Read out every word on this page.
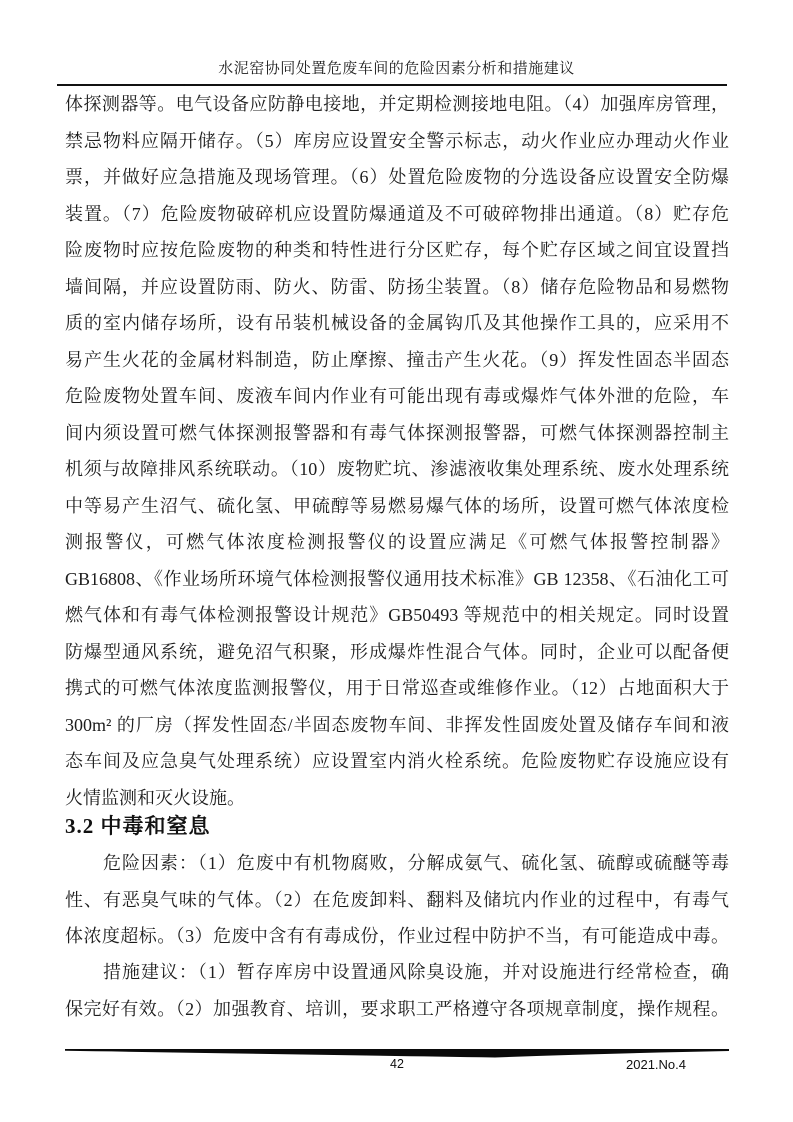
水泥窑协同处置危废车间的危险因素分析和措施建议
体探测器等。电气设备应防静电接地，并定期检测接地电阻。（4）加强库房管理，
禁忌物料应隔开储存。（5）库房应设置安全警示标志，动火作业应办理动火作业
票，并做好应急措施及现场管理。（6）处置危险废物的分选设备应设置安全防爆
装置。（7）危险废物破碎机应设置防爆通道及不可破碎物排出通道。（8）贮存危
险废物时应按危险废物的种类和特性进行分区贮存，每个贮存区域之间宜设置挡
墙间隔，并应设置防雨、防火、防雷、防扬尘装置。（8）储存危险物品和易燃物
质的室内储存场所，设有吊装机械设备的金属钩爪及其他操作工具的，应采用不
易产生火花的金属材料制造，防止摩擦、撞击产生火花。（9）挥发性固态半固态
危险废物处置车间、废液车间内作业有可能出现有毒或爆炸气体外泄的危险，车
间内须设置可燃气体探测报警器和有毒气体探测报警器，可燃气体探测器控制主
机须与故障排风系统联动。（10）废物贮坑、渗滤液收集处理系统、废水处理系统
中等易产生沼气、硫化氢、甲硫醇等易燃易爆气体的场所，设置可燃气体浓度检
测报警仪，可燃气体浓度检测报警仪的设置应满足《可燃气体报警控制器》
GB16808、《作业场所环境气体检测报警仪通用技术标准》GB 12358、《石油化工可
燃气体和有毒气体检测报警设计规范》GB50493 等规范中的相关规定。同时设置
防爆型通风系统，避免沼气积聚，形成爆炸性混合气体。同时，企业可以配备便
携式的可燃气体浓度监测报警仪，用于日常巡查或维修作业。（12）占地面积大于
300m² 的厂房（挥发性固态/半固态废物车间、非挥发性固废处置及储存车间和液
态车间及应急臭气处理系统）应设置室内消火栓系统。危险废物贮存设施应设有
火情监测和灭火设施。
3.2 中毒和窒息
危险因素：（1）危废中有机物腐败，分解成氨气、硫化氢、硫醇或硫醚等毒
性、有恶臭气味的气体。（2）在危废卸料、翻料及储坑内作业的过程中，有毒气
体浓度超标。（3）危废中含有有毒成份，作业过程中防护不当，有可能造成中毒。
措施建议：（1）暂存库房中设置通风除臭设施，并对设施进行经常检查，确
保完好有效。（2）加强教育、培训，要求职工严格遵守各项规章制度，操作规程。
42	2021.No.4
